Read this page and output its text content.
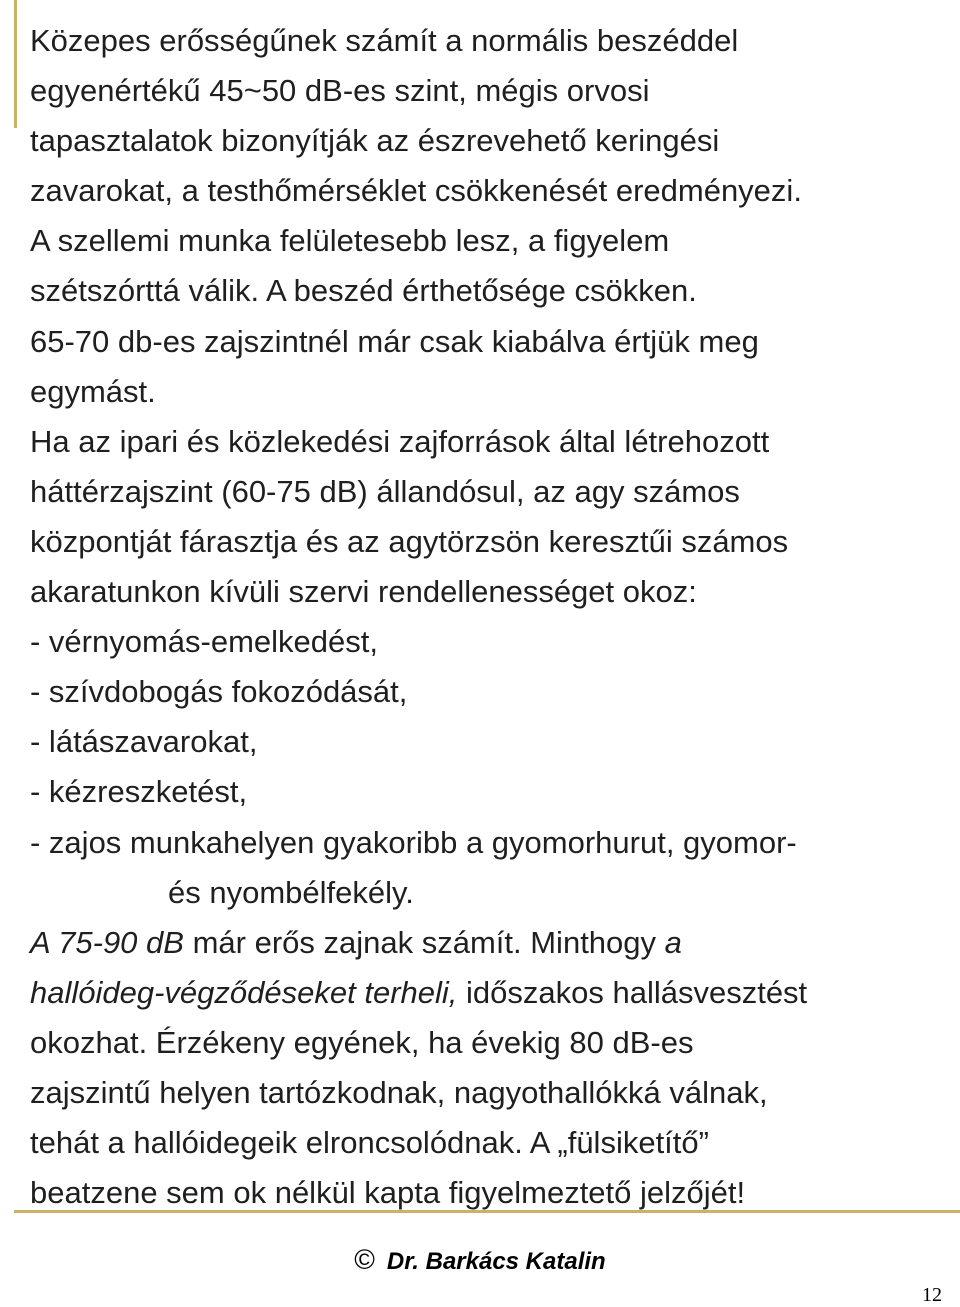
Közepes erősségűnek számít a normális beszéddel
egyenértékű 45~50 dB-es szint, mégis orvosi
tapasztalatok bizonyítják az észrevehető keringési
zavarokat, a testhőmérséklet csökkenését eredményezi.
A szellemi munka felületesebb lesz, a figyelem
szétszórttá válik. A beszéd érthetősége csökken.
65-70 db-es zajszintnél már csak kiabálva értjük meg
egymást.
Ha az ipari és közlekedési zajforrások által létrehozott
háttérzajszint (60-75 dB) állandósul, az agy számos
központját fárasztja és az agytörzsön keresztűi számos
akaratunkon kívüli szervi rendellenességet okoz:
- vérnyomás-emelkedést,
- szívdobogás fokozódását,
- látászavarokat,
- kézreszketést,
- zajos munkahelyen gyakoribb a gyomorhurut, gyomor-
és nyombélfekély.
A 75-90 dB már erős zajnak számít. Minthogy a
hallóideg-végződéseket terheli, időszakos hallásvesztést
okozhat. Érzékeny egyének, ha évekig 80 dB-es
zajszintű helyen tartózkodnak, nagyothallókká válnak,
tehát a hallóidegeik elroncsolódnak. A „fülsiketítő”
beatzene sem ok nélkül kapta figyelmeztető jelzőjét!
© Dr. Barkács Katalin
12
